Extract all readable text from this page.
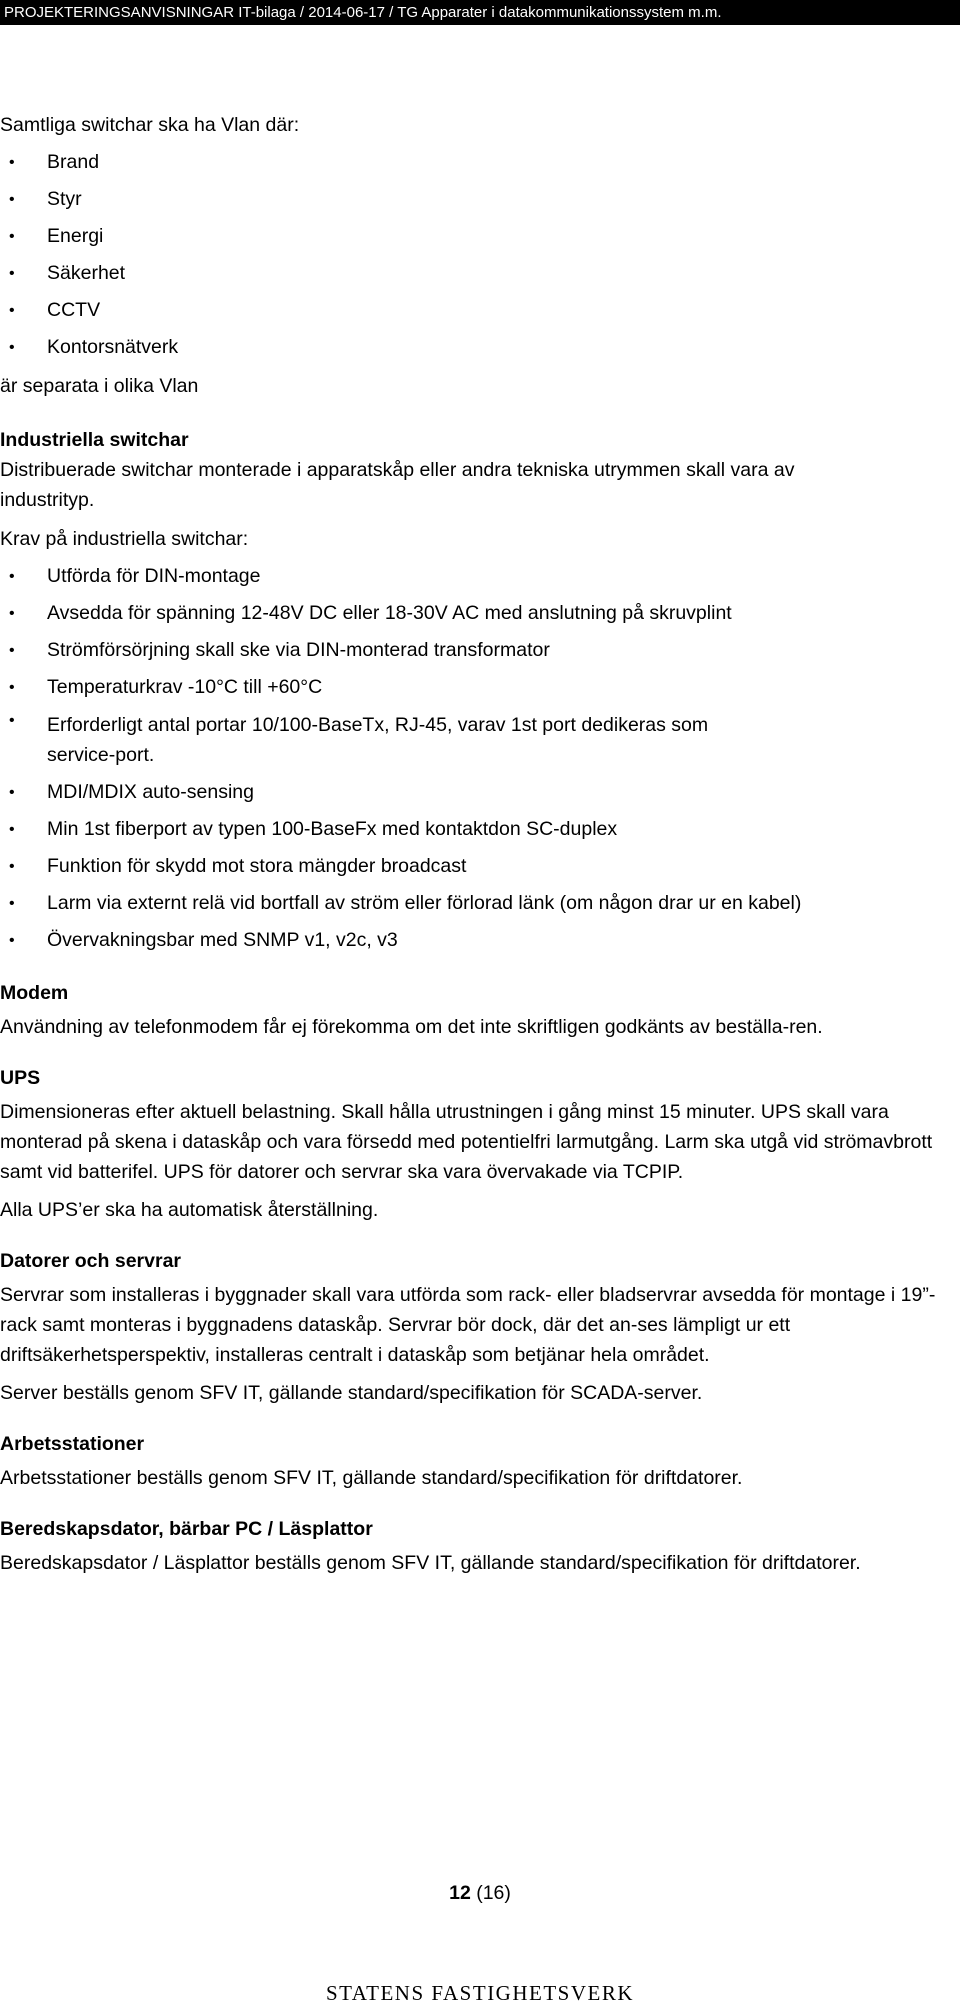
PROJEKTERINGSANVISNINGAR IT-bilaga / 2014-06-17 / TG Apparater i datakommunikationssystem m.m.

Samtliga switchar ska ha Vlan där:

• Brand
• Styr
• Energi
• Säkerhet
• CCTV
• Kontorsnätverk

är separata i olika Vlan

Industriella switchar

Distribuerade switchar monterade i apparatskåp eller andra tekniska utrymmen skall vara av
industrityp.

Krav på industriella switchar:

• Utförda för DIN-montage
• Avsedda för spänning 12-48V DC eller 18-30V AC med anslutning på skruvplint
• Strömförsörjning skall ske via DIN-monterad transformator
• Temperaturkrav -10°C till +60°C
• Erforderligt antal portar 10/100-BaseTx, RJ-45, varav 1st port dedikeras som service-port.
• MDI/MDIX auto-sensing
• Min 1st fiberport av typen 100-BaseFx med kontaktdon SC-duplex
• Funktion för skydd mot stora mängder broadcast
• Larm via externt relä vid bortfall av ström eller förlorad länk (om någon drar ur en kabel)
• Övervakningsbar med SNMP v1, v2c, v3
Modem

Användning av telefonmodem får ej förekomma om det inte skriftligen godkänts av beställa-ren.

UPS

Dimensioneras efter aktuell belastning. Skall hålla utrustningen i gång minst 15 minuter. UPS skall vara monterad på skena i dataskåp och vara försedd med potentielfri larmutgång. Larm ska utgå vid strömavbrott samt vid batterifel. UPS för datorer och servrar ska vara övervakade via TCPIP.

Alla UPS’er ska ha automatisk återställning.

Datorer och servrar

Servrar som installeras i byggnader skall vara utförda som rack- eller bladservrar avsedda för montage i 19”-rack samt monteras i byggnadens dataskåp. Servrar bör dock, där det an-ses lämpligt ur ett driftsäkerhetsperspektiv, installeras centralt i dataskåp som betjänar hela området.

Server beställs genom SFV IT, gällande standard/specifikation för SCADA-server.

Arbetsstationer

Arbetsstationer beställs genom SFV IT, gällande standard/specifikation för driftdatorer.

Beredskapsdator, bärbar PC / Läsplattor

Beredskapsdator / Läsplattor beställs genom SFV IT, gällande standard/specifikation för driftdatorer.

12 (16)
STATENS FASTIGHETSVERK
